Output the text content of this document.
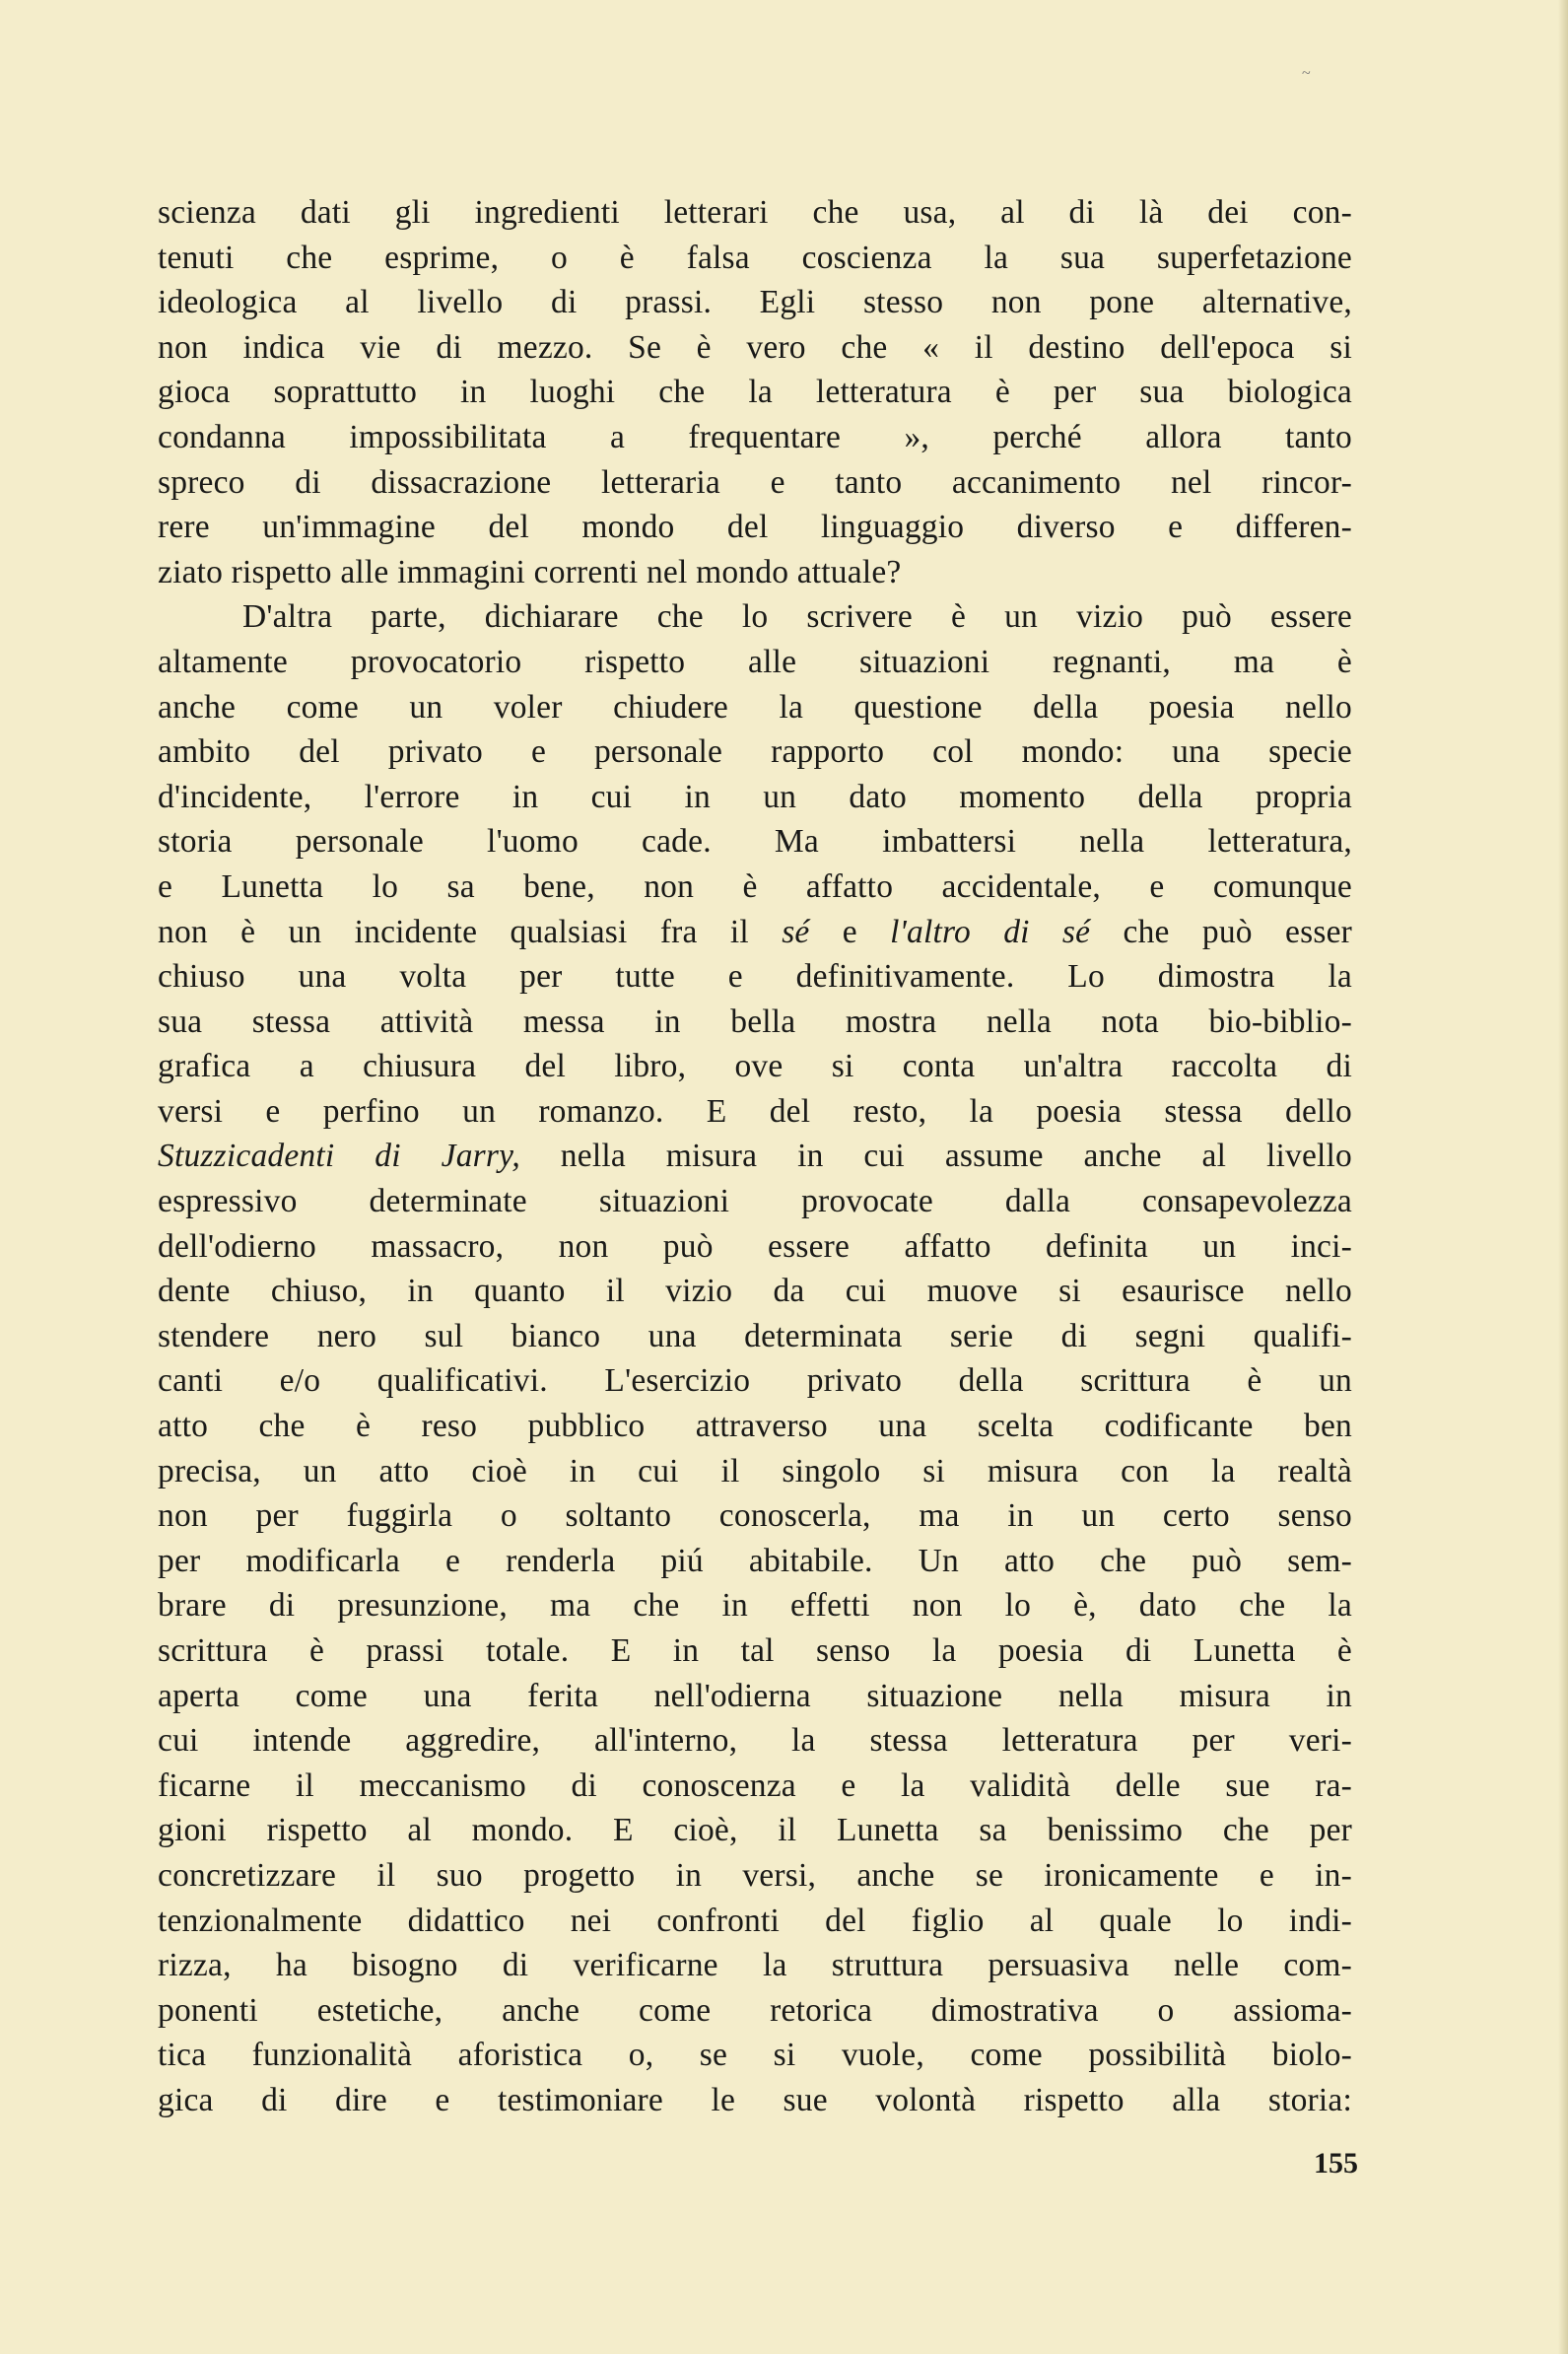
~
scienza dati gli ingredienti letterari che usa, al di là dei con-
tenuti che esprime, o è falsa coscienza la sua superfetazione
ideologica al livello di prassi. Egli stesso non pone alternative,
non indica vie di mezzo. Se è vero che « il destino dell'epoca si
gioca soprattutto in luoghi che la letteratura è per sua biologica
condanna impossibilitata a frequentare », perché allora tanto
spreco di dissacrazione letteraria e tanto accanimento nel rincor-
rere un'immagine del mondo del linguaggio diverso e differen-
ziato rispetto alle immagini correnti nel mondo attuale?
D'altra parte, dichiarare che lo scrivere è un vizio può essere
altamente provocatorio rispetto alle situazioni regnanti, ma è
anche come un voler chiudere la questione della poesia nello
ambito del privato e personale rapporto col mondo: una specie
d'incidente, l'errore in cui in un dato momento della propria
storia personale l'uomo cade. Ma imbattersi nella letteratura,
e Lunetta lo sa bene, non è affatto accidentale, e comunque
non è un incidente qualsiasi fra il sé e l'altro di sé che può esser
chiuso una volta per tutte e definitivamente. Lo dimostra la
sua stessa attività messa in bella mostra nella nota bio-biblio-
grafica a chiusura del libro, ove si conta un'altra raccolta di
versi e perfino un romanzo. E del resto, la poesia stessa dello
Stuzzicadenti di Jarry, nella misura in cui assume anche al livello
espressivo determinate situazioni provocate dalla consapevolezza
dell'odierno massacro, non può essere affatto definita un inci-
dente chiuso, in quanto il vizio da cui muove si esaurisce nello
stendere nero sul bianco una determinata serie di segni qualifi-
canti e/o qualificativi. L'esercizio privato della scrittura è un
atto che è reso pubblico attraverso una scelta codificante ben
precisa, un atto cioè in cui il singolo si misura con la realtà
non per fuggirla o soltanto conoscerla, ma in un certo senso
per modificarla e renderla piú abitabile. Un atto che può sem-
brare di presunzione, ma che in effetti non lo è, dato che la
scrittura è prassi totale. E in tal senso la poesia di Lunetta è
aperta come una ferita nell'odierna situazione nella misura in
cui intende aggredire, all'interno, la stessa letteratura per veri-
ficarne il meccanismo di conoscenza e la validità delle sue ra-
gioni rispetto al mondo. E cioè, il Lunetta sa benissimo che per
concretizzare il suo progetto in versi, anche se ironicamente e in-
tenzionalmente didattico nei confronti del figlio al quale lo indi-
rizza, ha bisogno di verificarne la struttura persuasiva nelle com-
ponenti estetiche, anche come retorica dimostrativa o assioma-
tica funzionalità aforistica o, se si vuole, come possibilità biolo-
gica di dire e testimoniare le sue volontà rispetto alla storia:
155
